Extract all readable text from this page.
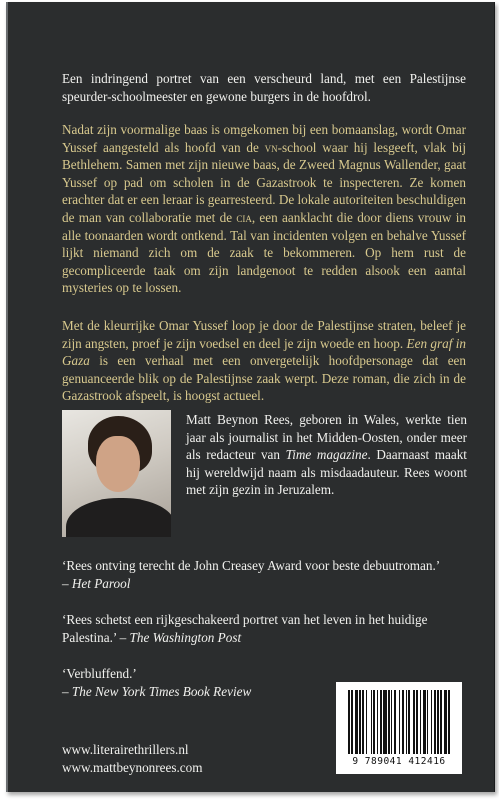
Een indringend portret van een verscheurd land, met een Palestijnse speurder-schoolmeester en gewone burgers in de hoofdrol.
Nadat zijn voormalige baas is omgekomen bij een bomaanslag, wordt Omar Yussef aangesteld als hoofd van de vn-school waar hij lesgeeft, vlak bij Bethlehem. Samen met zijn nieuwe baas, de Zweed Magnus Wallender, gaat Yussef op pad om scholen in de Gazastrook te inspecteren. Ze komen erachter dat er een leraar is gearresteerd. De lokale autoriteiten beschuldigen de man van collaboratie met de cia, een aanklacht die door diens vrouw in alle toonaarden wordt ontkend. Tal van incidenten volgen en behalve Yussef lijkt niemand zich om de zaak te bekommeren. Op hem rust de gecompliceerde taak om zijn landgenoot te redden alsook een aantal mysteries op te lossen.
Met de kleurrijke Omar Yussef loop je door de Palestijnse straten, beleef je zijn angsten, proef je zijn voedsel en deel je zijn woede en hoop. Een graf in Gaza is een verhaal met een onvergetelijk hoofdpersonage dat een genuanceerde blik op de Palestijnse zaak werpt. Deze roman, die zich in de Gazastrook afspeelt, is hoogst actueel.
Matt Beynon Rees, geboren in Wales, werkte tien jaar als journalist in het Midden-Oosten, onder meer als redacteur van Time magazine. Daarnaast maakt hij wereldwijd naam als misdaadauteur. Rees woont met zijn gezin in Jeruzalem.
‘Rees ontving terecht de John Creasey Award voor beste debuutroman.’
– Het Parool
‘Rees schetst een rijkgeschakeerd portret van het leven in het huidige Palestina.’ – The Washington Post
‘Verbluffend.’
– The New York Times Book Review
www.literairethrillers.nl
www.mattbeynonrees.com	9 789041 412416
